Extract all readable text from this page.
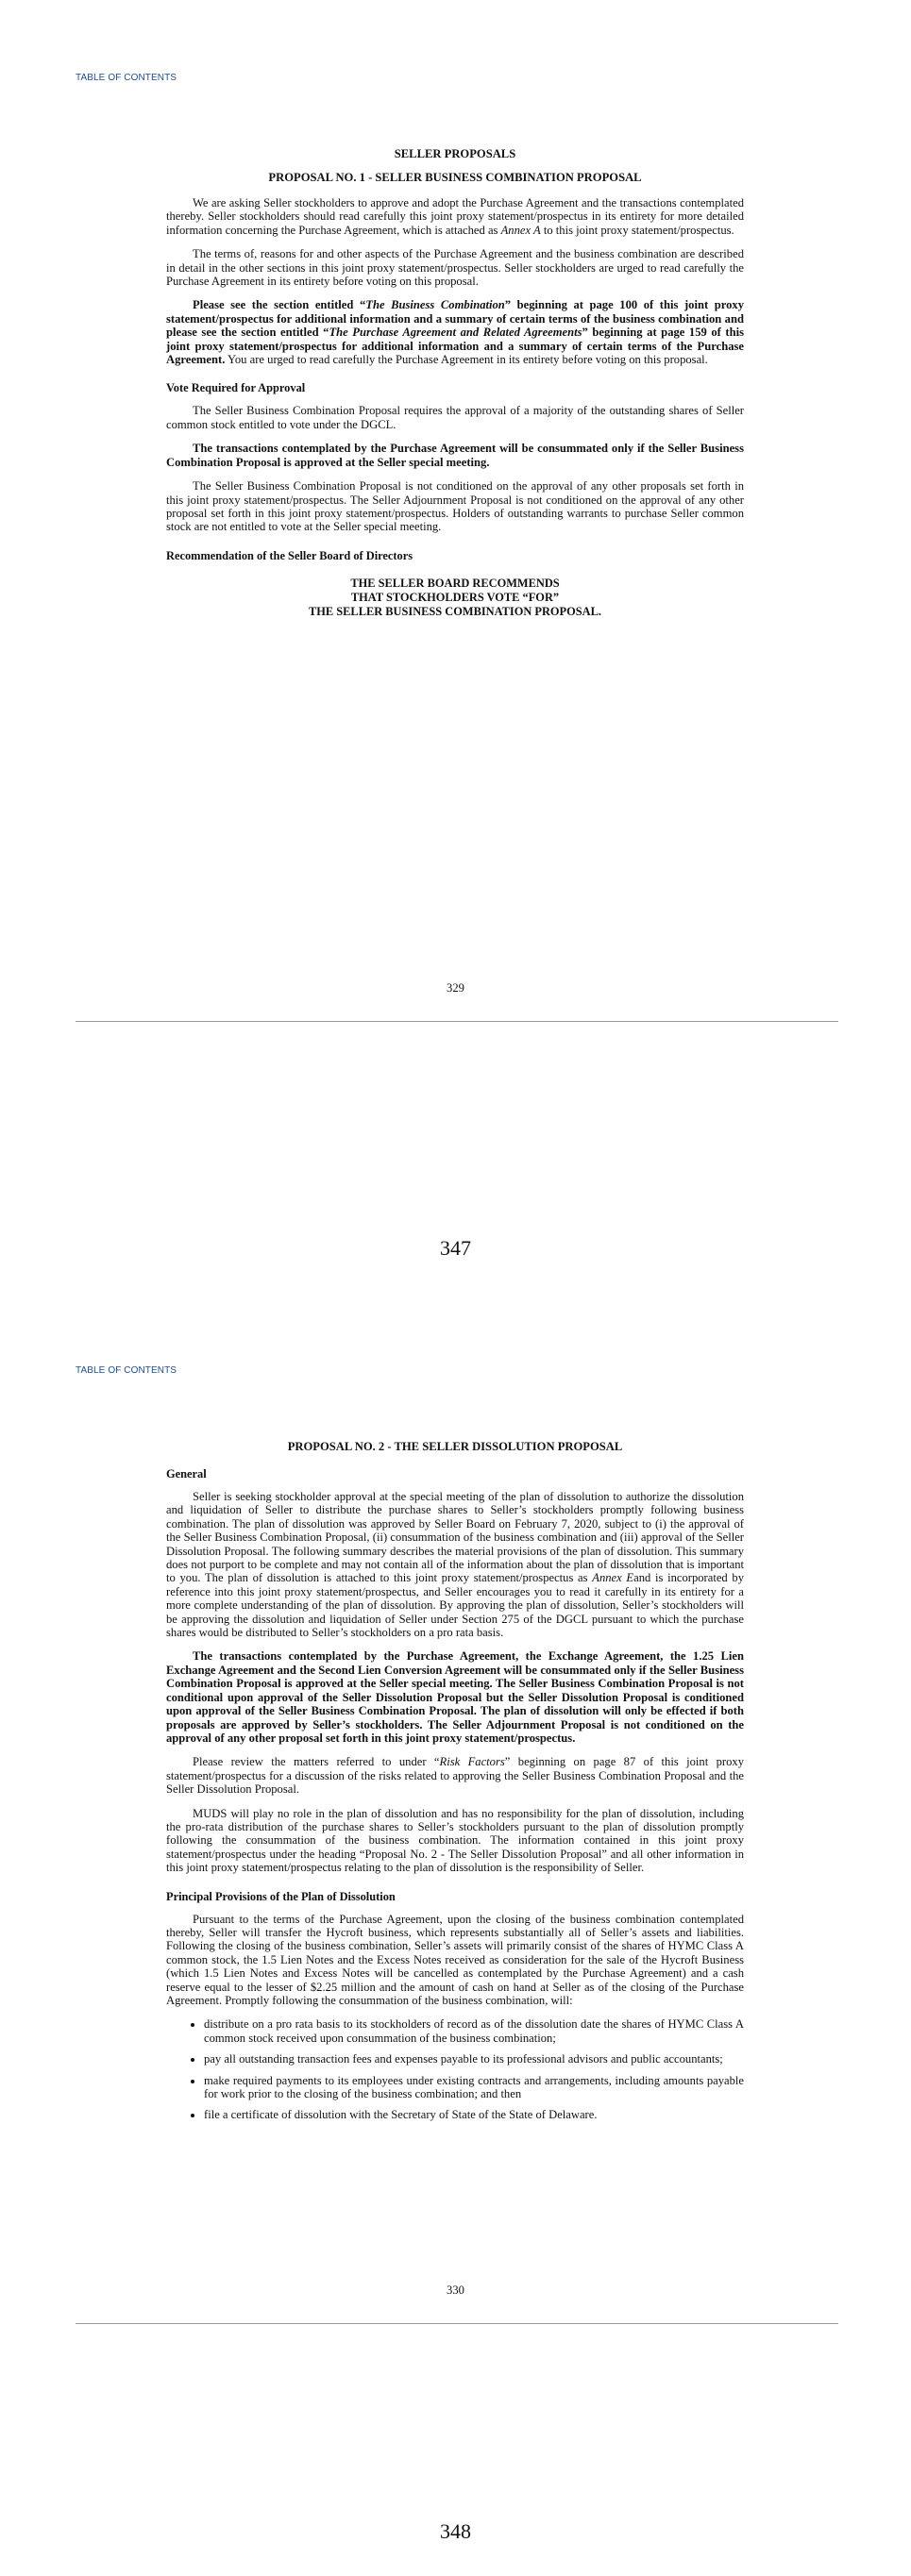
TABLE OF CONTENTS
SELLER PROPOSALS
PROPOSAL NO. 1 - SELLER BUSINESS COMBINATION PROPOSAL

We are asking Seller stockholders to approve and adopt the Purchase Agreement and the transactions contemplated thereby. Seller stockholders should read carefully this joint proxy statement/prospectus in its entirety for more detailed information concerning the Purchase Agreement, which is attached as Annex A to this joint proxy statement/prospectus.

The terms of, reasons for and other aspects of the Purchase Agreement and the business combination are described in detail in the other sections in this joint proxy statement/prospectus. Seller stockholders are urged to read carefully the Purchase Agreement in its entirety before voting on this proposal.

Please see the section entitled “The Business Combination” beginning at page 100 of this joint proxy statement/prospectus for additional information and a summary of certain terms of the business combination and please see the section entitled “The Purchase Agreement and Related Agreements” beginning at page 159 of this joint proxy statement/prospectus for additional information and a summary of certain terms of the Purchase Agreement. You are urged to read carefully the Purchase Agreement in its entirety before voting on this proposal.

Vote Required for Approval

The Seller Business Combination Proposal requires the approval of a majority of the outstanding shares of Seller common stock entitled to vote under the DGCL.

The transactions contemplated by the Purchase Agreement will be consummated only if the Seller Business Combination Proposal is approved at the Seller special meeting.

The Seller Business Combination Proposal is not conditioned on the approval of any other proposals set forth in this joint proxy statement/prospectus. The Seller Adjournment Proposal is not conditioned on the approval of any other proposal set forth in this joint proxy statement/prospectus. Holders of outstanding warrants to purchase Seller common stock are not entitled to vote at the Seller special meeting.

Recommendation of the Seller Board of Directors
THE SELLER BOARD RECOMMENDS
THAT STOCKHOLDERS VOTE “FOR”
THE SELLER BUSINESS COMBINATION PROPOSAL.
329
347
TABLE OF CONTENTS
PROPOSAL NO. 2 - THE SELLER DISSOLUTION PROPOSAL
General

Seller is seeking stockholder approval at the special meeting of the plan of dissolution to authorize the dissolution and liquidation of Seller to distribute the purchase shares to Seller’s stockholders promptly following business combination. The plan of dissolution was approved by Seller Board on February 7, 2020, subject to (i) the approval of the Seller Business Combination Proposal, (ii) consummation of the business combination and (iii) approval of the Seller Dissolution Proposal. The following summary describes the material provisions of the plan of dissolution. This summary does not purport to be complete and may not contain all of the information about the plan of dissolution that is important to you. The plan of dissolution is attached to this joint proxy statement/prospectus as Annex Eand is incorporated by reference into this joint proxy statement/prospectus, and Seller encourages you to read it carefully in its entirety for a more complete understanding of the plan of dissolution. By approving the plan of dissolution, Seller’s stockholders will be approving the dissolution and liquidation of Seller under Section 275 of the DGCL pursuant to which the purchase shares would be distributed to Seller’s stockholders on a pro rata basis.

The transactions contemplated by the Purchase Agreement, the Exchange Agreement, the 1.25 Lien Exchange Agreement and the Second Lien Conversion Agreement will be consummated only if the Seller Business Combination Proposal is approved at the Seller special meeting. The Seller Business Combination Proposal is not conditional upon approval of the Seller Dissolution Proposal but the Seller Dissolution Proposal is conditioned upon approval of the Seller Business Combination Proposal. The plan of dissolution will only be effected if both proposals are approved by Seller’s stockholders. The Seller Adjournment Proposal is not conditioned on the approval of any other proposal set forth in this joint proxy statement/prospectus.

Please review the matters referred to under “Risk Factors” beginning on page 87 of this joint proxy statement/prospectus for a discussion of the risks related to approving the Seller Business Combination Proposal and the Seller Dissolution Proposal.

MUDS will play no role in the plan of dissolution and has no responsibility for the plan of dissolution, including the pro-rata distribution of the purchase shares to Seller’s stockholders pursuant to the plan of dissolution promptly following the consummation of the business combination. The information contained in this joint proxy statement/prospectus under the heading “Proposal No. 2 - The Seller Dissolution Proposal” and all other information in this joint proxy statement/prospectus relating to the plan of dissolution is the responsibility of Seller.

Principal Provisions of the Plan of Dissolution

Pursuant to the terms of the Purchase Agreement, upon the closing of the business combination contemplated thereby, Seller will transfer the Hycroft business, which represents substantially all of Seller’s assets and liabilities. Following the closing of the business combination, Seller’s assets will primarily consist of the shares of HYMC Class A common stock, the 1.5 Lien Notes and the Excess Notes received as consideration for the sale of the Hycroft Business (which 1.5 Lien Notes and Excess Notes will be cancelled as contemplated by the Purchase Agreement) and a cash reserve equal to the lesser of $2.25 million and the amount of cash on hand at Seller as of the closing of the Purchase Agreement. Promptly following the consummation of the business combination, will:

• distribute on a pro rata basis to its stockholders of record as of the dissolution date the shares of HYMC Class A common stock received upon consummation of the business combination;
• pay all outstanding transaction fees and expenses payable to its professional advisors and public accountants;
• make required payments to its employees under existing contracts and arrangements, including amounts payable for work prior to the closing of the business combination; and then
• file a certificate of dissolution with the Secretary of State of the State of Delaware.
330
348
